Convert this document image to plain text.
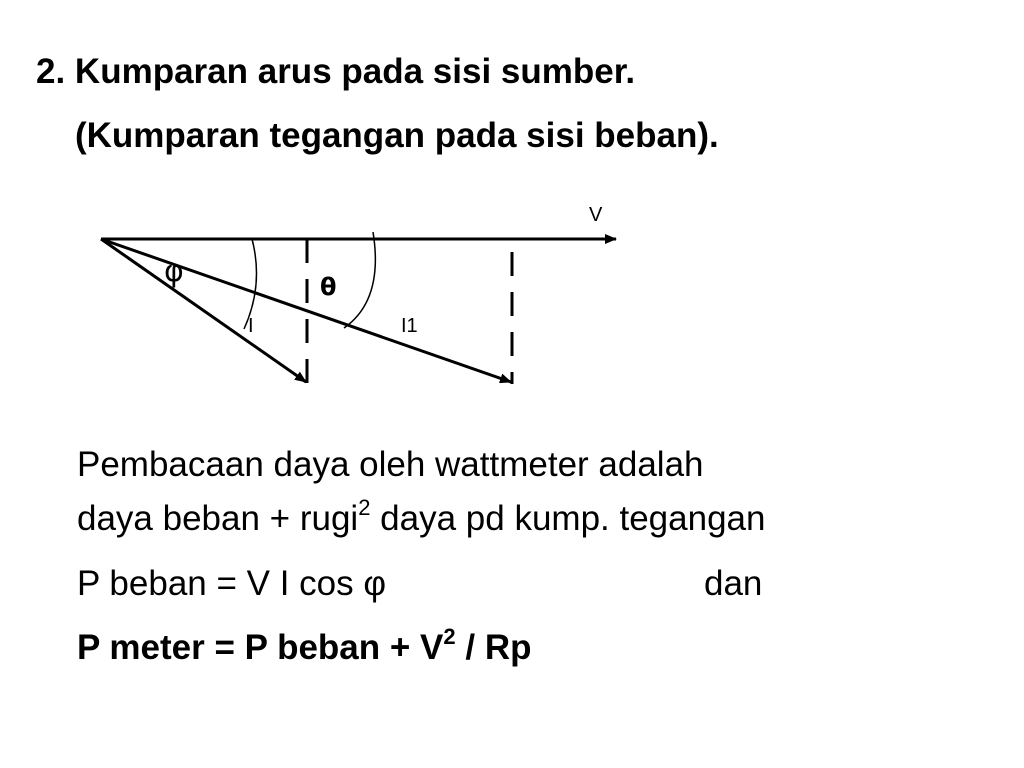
2. Kumparan arus pada sisi sumber.
(Kumparan tegangan pada sisi beban).
V
φ	θ
I	I1
Pembacaan daya oleh wattmeter adalah
daya beban + rugi$^2$ daya pd kump. tegangan
P beban = V I cos φ	dan
P meter = P beban + $V^2$ / Rp
